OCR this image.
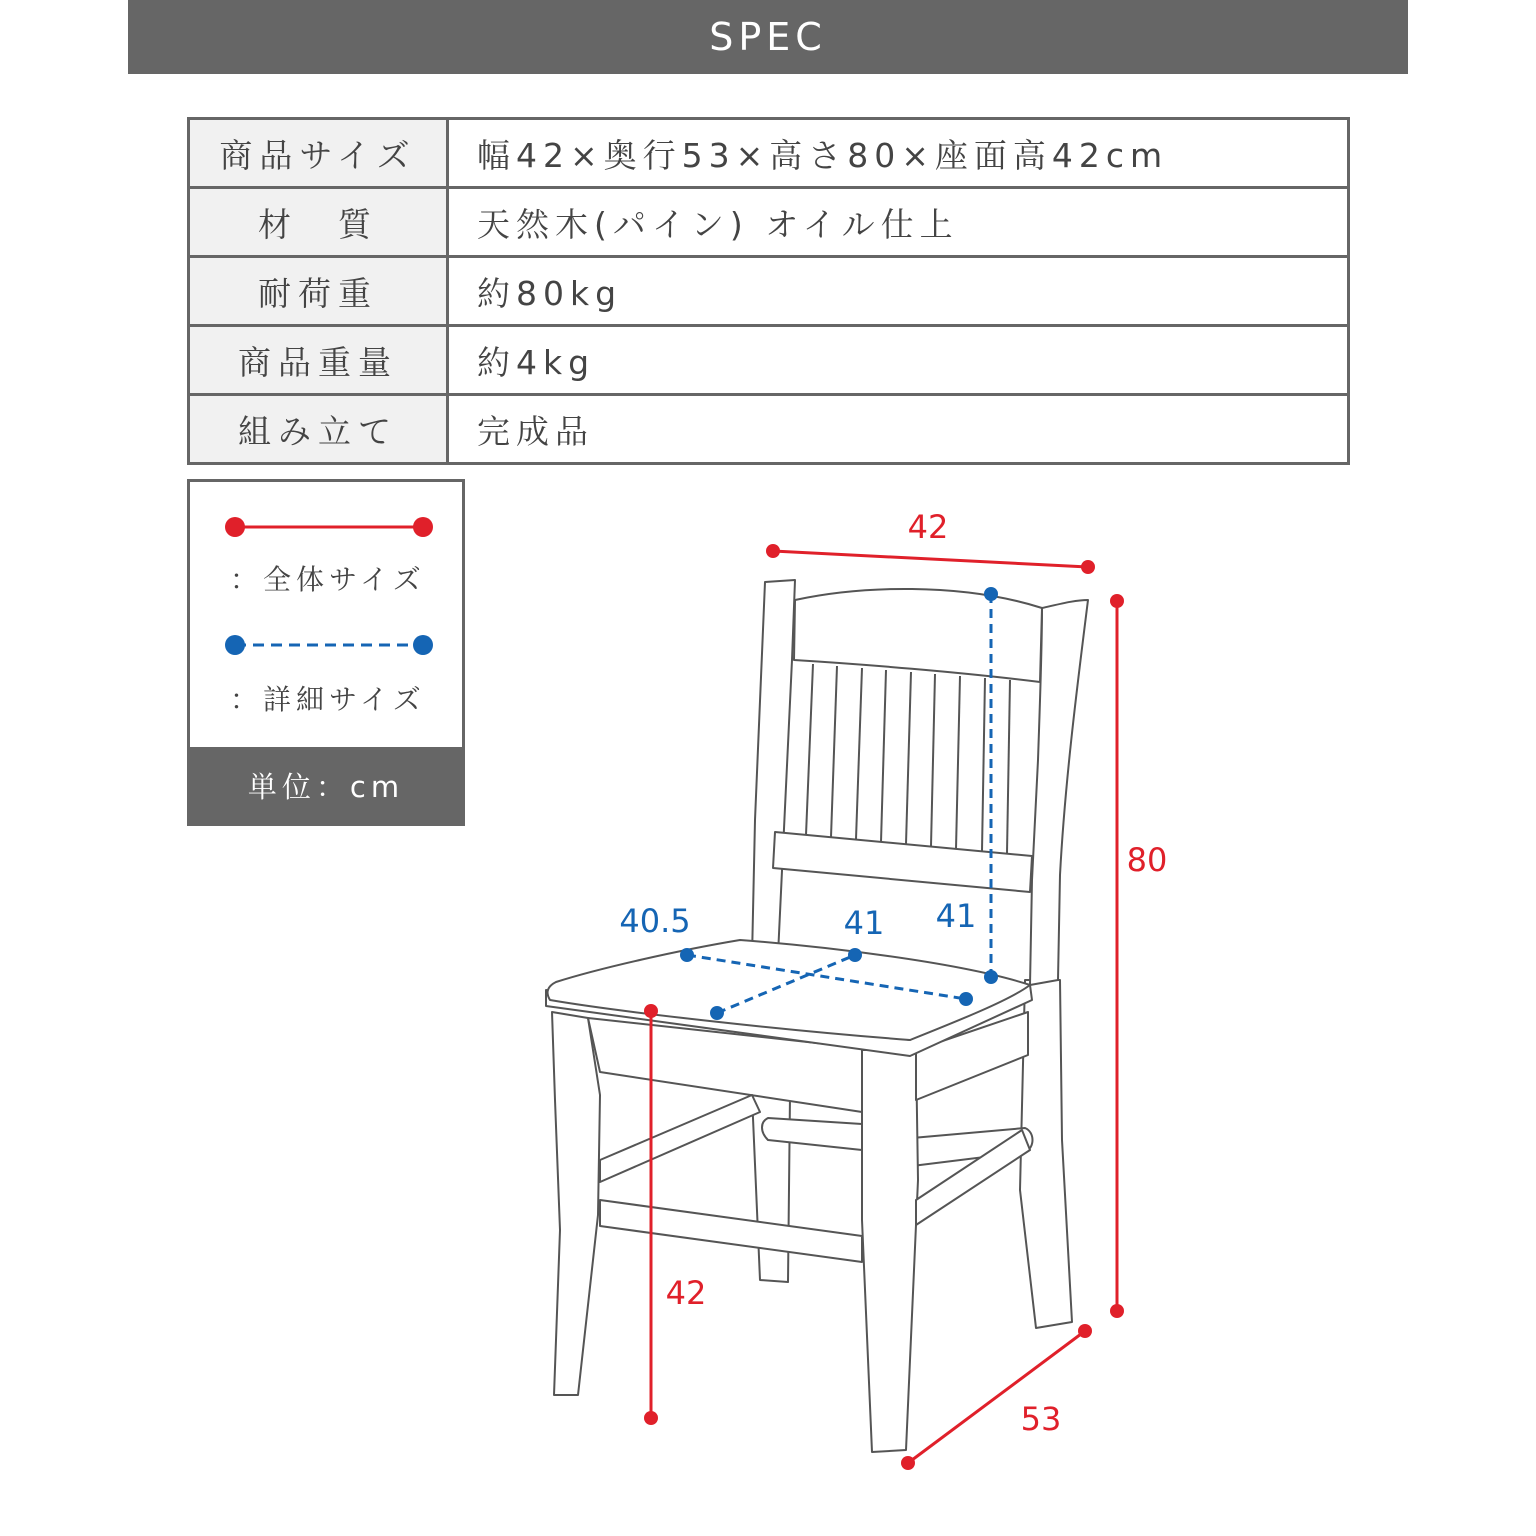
SPEC
商品サイズ	幅42×奥行53×高さ80×座面高42cm
材　質	天然木(パイン) オイル仕上
耐荷重	約80kg
商品重量	約4kg
組み立て	完成品
：全体サイズ
：詳細サイズ
単位：cm
42
80
53
42
40.5	41 41
